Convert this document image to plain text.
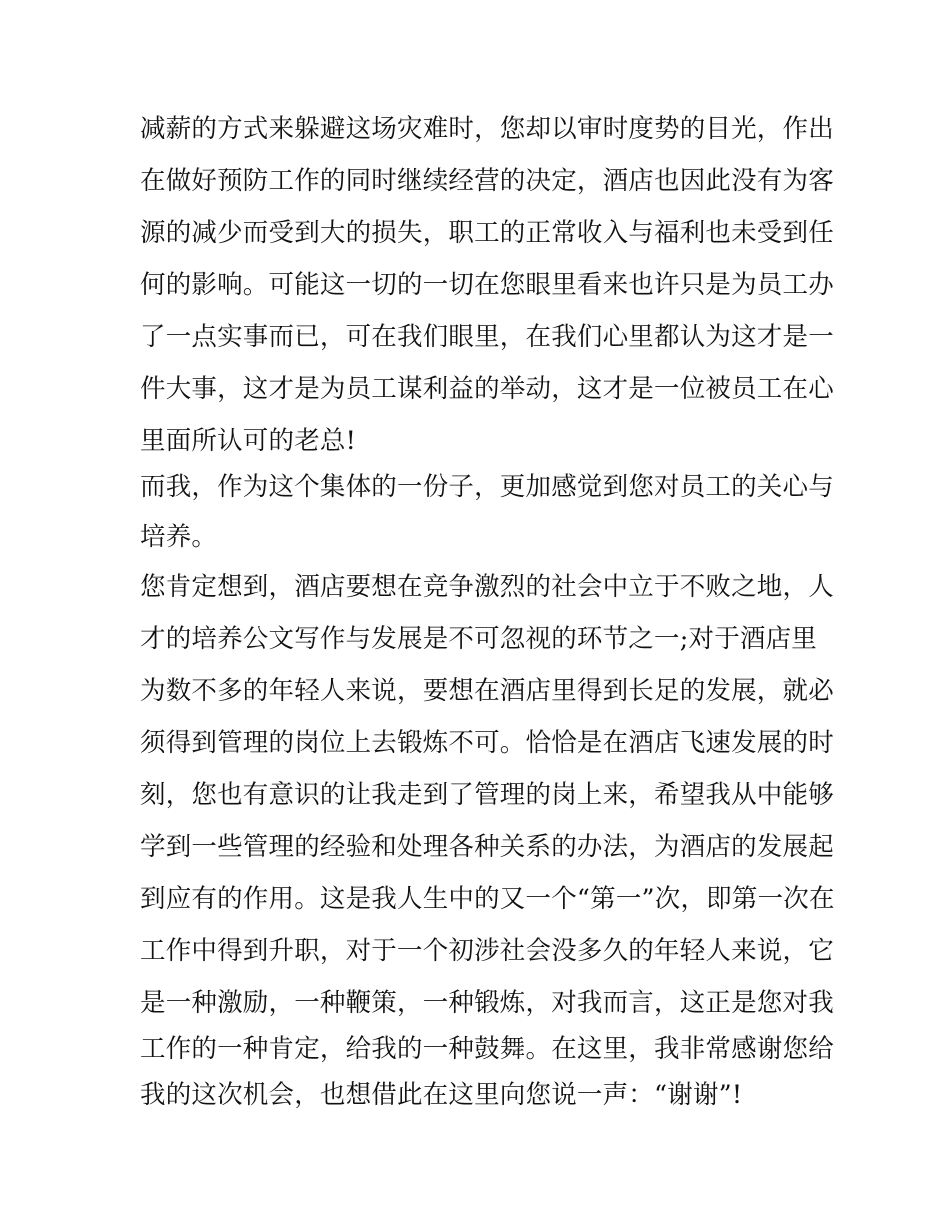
减薪的方式来躲避这场灾难时，您却以审时度势的目光，作出

在做好预防工作的同时继续经营的决定，酒店也因此没有为客

源的减少而受到大的损失，职工的正常收入与福利也未受到任

何的影响。可能这一切的一切在您眼里看来也许只是为员工办

了一点实事而已，可在我们眼里，在我们心里都认为这才是一

件大事，这才是为员工谋利益的举动，这才是一位被员工在心

里面所认可的老总!

而我，作为这个集体的一份子，更加感觉到您对员工的关心与

培养。

您肯定想到，酒店要想在竞争激烈的社会中立于不败之地，人

才的培养公文写作与发展是不可忽视的环节之一;对于酒店里

为数不多的年轻人来说，要想在酒店里得到长足的发展，就必

须得到管理的岗位上去锻炼不可。恰恰是在酒店飞速发展的时

刻，您也有意识的让我走到了管理的岗上来，希望我从中能够

学到一些管理的经验和处理各种关系的办法，为酒店的发展起

到应有的作用。这是我人生中的又一个“第一”次，即第一次在

工作中得到升职，对于一个初涉社会没多久的年轻人来说，它

是一种激励，一种鞭策，一种锻炼，对我而言，这正是您对我

工作的一种肯定，给我的一种鼓舞。在这里，我非常感谢您给

我的这次机会，也想借此在这里向您说一声：“谢谢”!
